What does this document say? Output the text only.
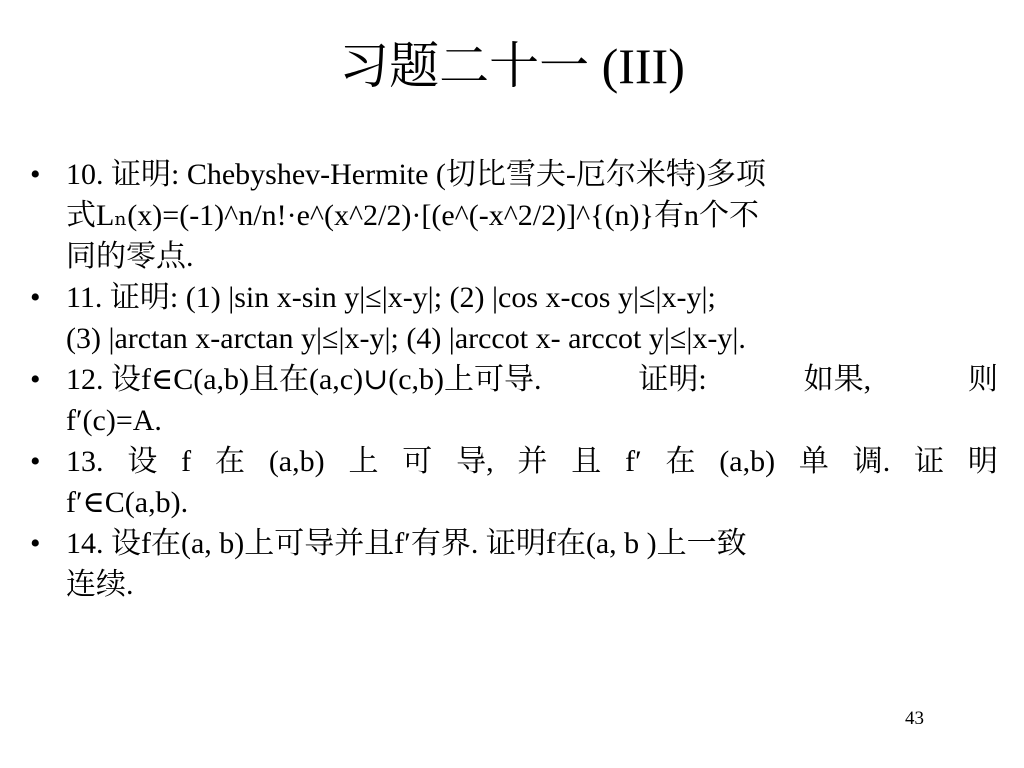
习题二十一 (III)
• 10. 证明: Chebyshev-Hermite (切比雪夫-厄尔米特)多项
式Lₙ(x)=(-1)^n/n!·e^(x^2/2)·[(e^(-x^2/2)]^{(n)}有n个不
同的零点.
• 11. 证明: (1) |sin x-sin y|≤|x-y|; (2) |cos x-cos y|≤|x-y|;
(3) |arctan x-arctan y|≤|x-y|; (4) |arccot x- arccot y|≤|x-y|.
• 12. 设f∈C(a,b)且在(a,c)∪(c,b)上可导.	证明:	如果,	则
f′(c)=A.
• 13. 设 f 在 (a,b) 上 可 导, 并 且 f′ 在 (a,b) 单 调. 证 明
f′∈C(a,b).
• 14. 设f在(a, b)上可导并且f′有界. 证明f在(a, b )上一致
连续.
43
